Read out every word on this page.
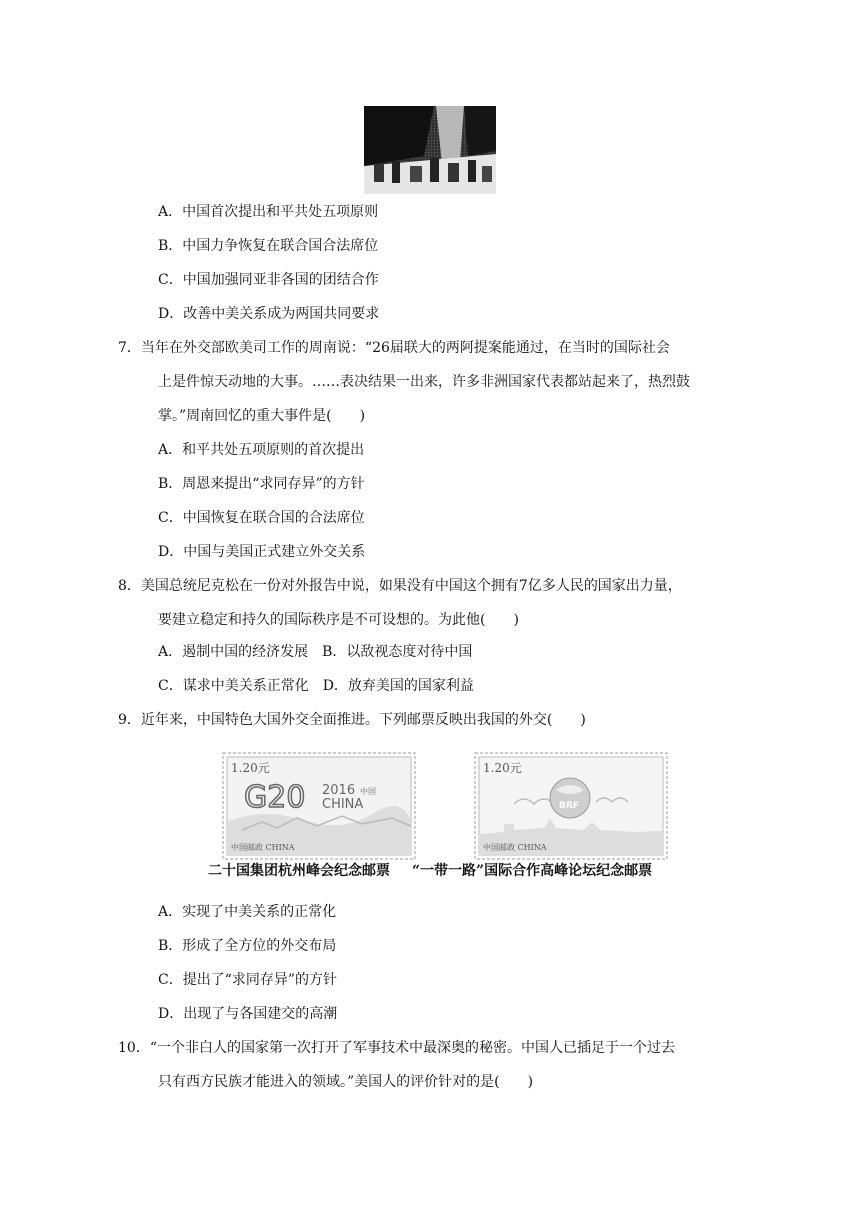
A．中国首次提出和平共处五项原则
B．中国力争恢复在联合国合法席位
C．中国加强同亚非各国的团结合作
D．改善中美关系成为两国共同要求
7．当年在外交部欧美司工作的周南说：“26届联大的两阿提案能通过，在当时的国际社会
上是件惊天动地的大事。……表决结果一出来，许多非洲国家代表都站起来了，热烈鼓
掌。”周南回忆的重大事件是(　　)
A．和平共处五项原则的首次提出
B．周恩来提出“求同存异”的方针
C．中国恢复在联合国的合法席位
D．中国与美国正式建立外交关系
8．美国总统尼克松在一份对外报告中说，如果没有中国这个拥有7亿多人民的国家出力量，
要建立稳定和持久的国际秩序是不可设想的。为此他(　　)
A．遏制中国的经济发展　B．以敌视态度对待中国
C．谋求中美关系正常化　D．放弃美国的国家利益
9．近年来，中国特色大国外交全面推进。下列邮票反映出我国的外交(　　)
1.20元
G20 2016 中国
CHINA
中国邮政 CHINA
1.20元
BRF
中国邮政 CHINA
二十国集团杭州峰会纪念邮票 “一带一路”国际合作高峰论坛纪念邮票
A．实现了中美关系的正常化
B．形成了全方位的外交布局
C．提出了“求同存异”的方针
D．出现了与各国建交的高潮
10．“一个非白人的国家第一次打开了军事技术中最深奥的秘密。中国人已插足于一个过去
只有西方民族才能进入的领域。”美国人的评价针对的是(　　)
